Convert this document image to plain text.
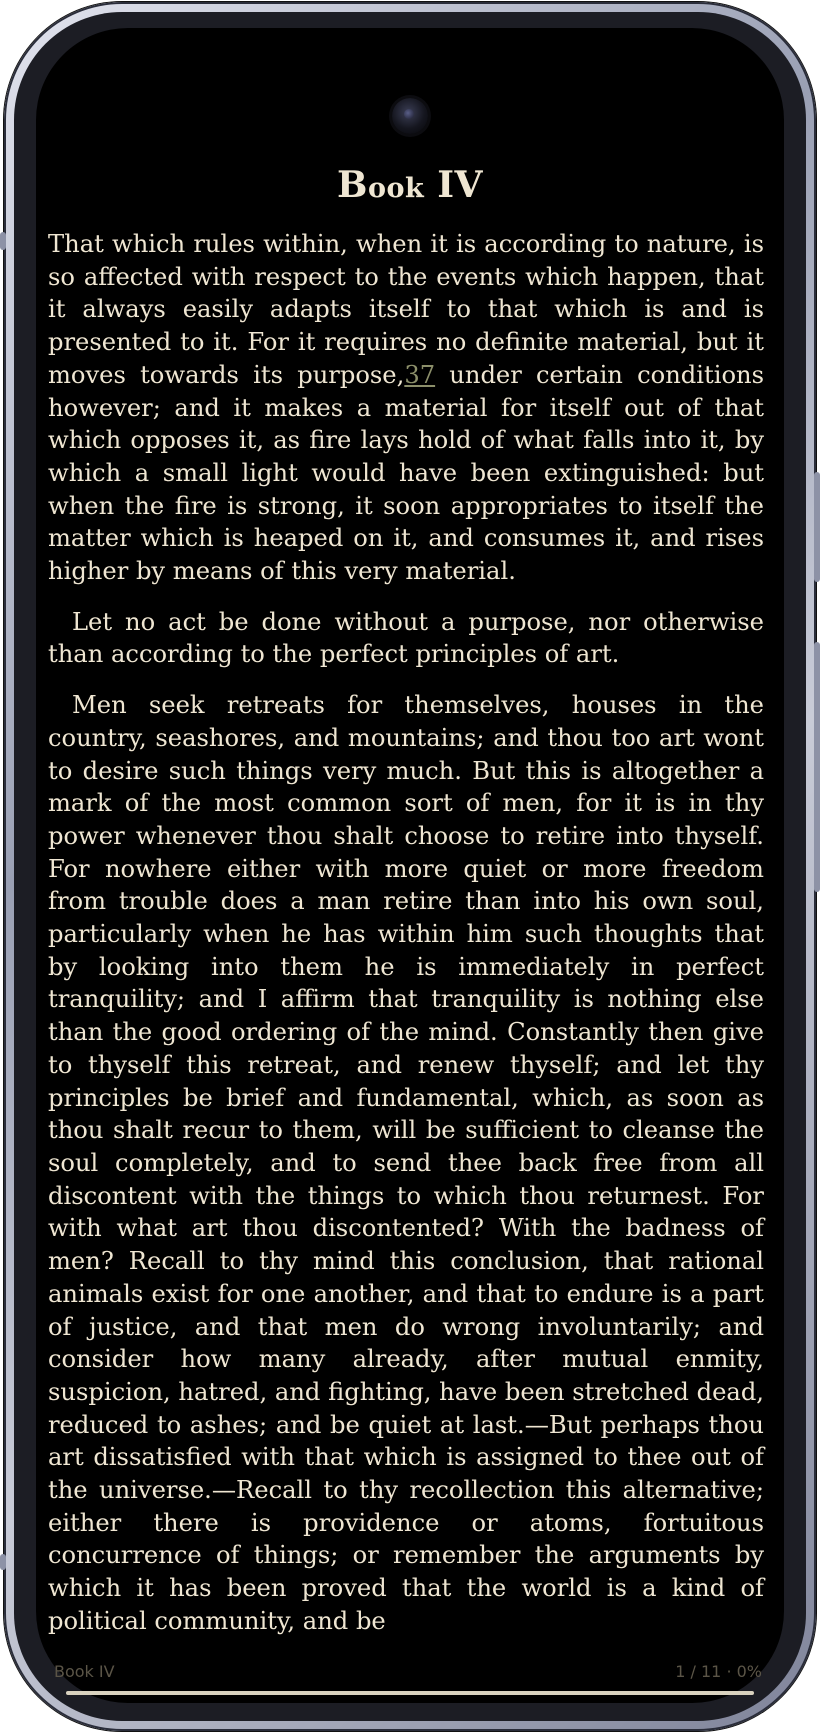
Book IV

That which rules within, when it is according to nature, is so affected with respect to the events which happen, that it always easily adapts itself to that which is and is presented to it. For it requires no definite material, but it moves towards its purpose,37 under certain conditions however; and it makes a material for itself out of that which opposes it, as fire lays hold of what falls into it, by which a small light would have been extinguished: but when the fire is strong, it soon appropriates to itself the matter which is heaped on it, and consumes it, and rises higher by means of this very material.

Let no act be done without a purpose, nor otherwise than according to the perfect principles of art.

Men seek retreats for themselves, houses in the country, seashores, and mountains; and thou too art wont to desire such things very much. But this is altogether a mark of the most common sort of men, for it is in thy power whenever thou shalt choose to retire into thyself. For nowhere either with more quiet or more freedom from trouble does a man retire than into his own soul, particularly when he has within him such thoughts that by looking into them he is immediately in perfect tranquility; and I affirm that tranquility is nothing else than the good ordering of the mind. Constantly then give to thyself this retreat, and renew thyself; and let thy principles be brief and fundamental, which, as soon as thou shalt recur to them, will be sufficient to cleanse the soul completely, and to send thee back free from all discontent with the things to which thou returnest. For with what art thou discontented? With the badness of men? Recall to thy mind this conclusion, that rational animals exist for one another, and that to endure is a part of justice, and that men do wrong involuntarily; and consider how many already, after mutual enmity, suspicion, hatred, and fighting, have been stretched dead, reduced to ashes; and be quiet at last.—But perhaps thou art dissatisfied with that which is assigned to thee out of the universe.—Recall to thy recollection this alternative; either there is providence or atoms, fortuitous concurrence of things; or remember the arguments by which it has been proved that the world is a kind of political community, and be

Book IV	1 / 11 · 0%
